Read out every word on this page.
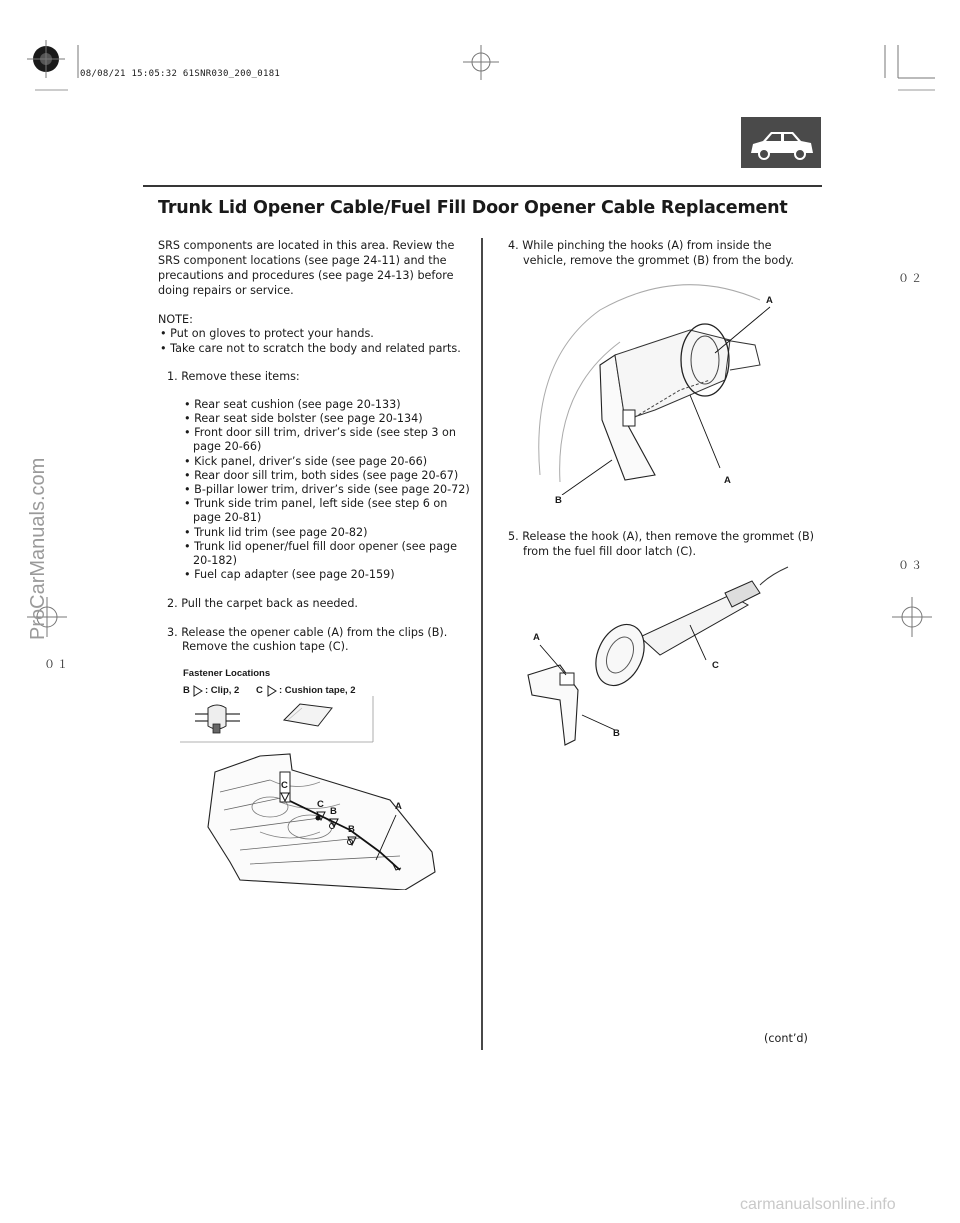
08/08/21 15:05:32 61SNR030_200_0181
Trunk Lid Opener Cable/Fuel Fill Door Opener Cable Replacement
SRS components are located in this area. Review the
SRS component locations (see page 24-11) and the
precautions and procedures (see page 24-13) before
doing repairs or service.
NOTE:
• Put on gloves to protect your hands.
• Take care not to scratch the body and related parts.
1. Remove these items:
• Rear seat cushion (see page 20-133)
• Rear seat side bolster (see page 20-134)
• Front door sill trim, driver’s side (see step 3 on
page 20-66)
• Kick panel, driver’s side (see page 20-66)
• Rear door sill trim, both sides (see page 20-67)
• B-pillar lower trim, driver’s side (see page 20-72)
• Trunk side trim panel, left side (see step 6 on
page 20-81)
• Trunk lid trim (see page 20-82)
• Trunk lid opener/fuel fill door opener (see page
20-182)
• Fuel cap adapter (see page 20-159)
2. Pull the carpet back as needed.
3. Release the opener cable (A) from the clips (B).
Remove the cushion tape (C).
Fastener Locations
B : Clip, 2 C : Cushion tape, 2
C
C
B
B
A
4. While pinching the hooks (A) from inside the
vehicle, remove the grommet (B) from the body.
A
A
B
5. Release the hook (A), then remove the grommet (B)
from the fuel fill door latch (C).
A
C
B
(cont’d)
ProCarManuals.com
０２
０３
０１
carmanualsonline.info
